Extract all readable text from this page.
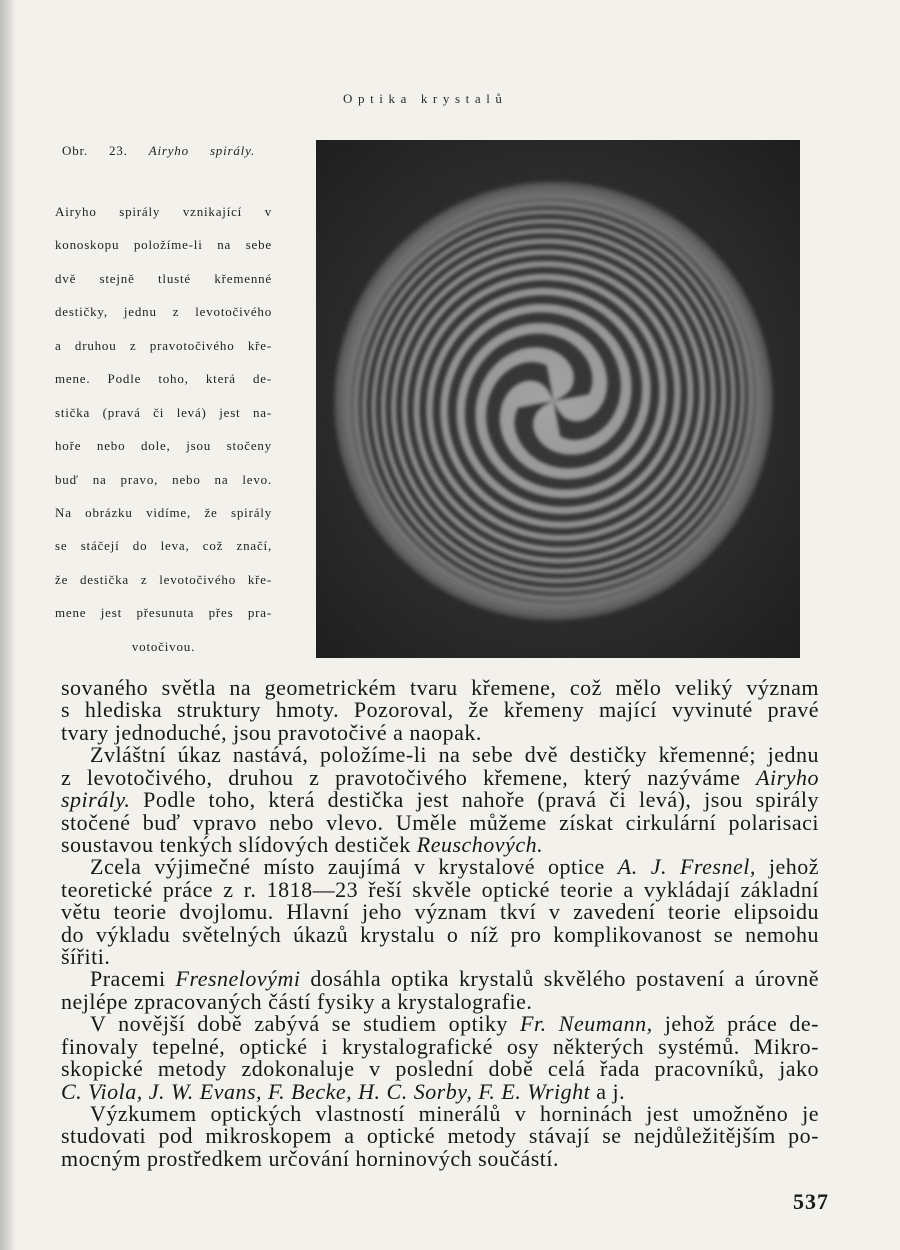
Optika krystalů
Obr. 23. Airyho spirály.
Airyho spirály vznikající v
konoskopu položíme-li na sebe
dvě stejně tlusté křemenné
destičky, jednu z levotočivého
a druhou z pravotočivého kře-
mene. Podle toho, která de-
stička (pravá či levá) jest na-
hoře nebo dole, jsou stočeny
buď na pravo, nebo na levo.
Na obrázku vidíme, že spirály
se stáčejí do leva, což značí,
že destička z levotočivého kře-
mene jest přesunuta přes pra-
votočivou.
sovaného světla na geometrickém tvaru křemene, což mělo veliký význam
s hlediska struktury hmoty. Pozoroval, že křemeny mající vyvinuté pravé
tvary jednoduché, jsou pravotočivé a naopak.
Zvláštní úkaz nastává, položíme-li na sebe dvě destičky křemenné; jednu
z levotočivého, druhou z pravotočivého křemene, který nazýváme Airyho
spirály. Podle toho, která destička jest nahoře (pravá či levá), jsou spirály
stočené buď vpravo nebo vlevo. Uměle můžeme získat cirkulární polarisaci
soustavou tenkých slídových destiček Reuschových.
Zcela výjimečné místo zaujímá v krystalové optice A. J. Fresnel, jehož
teoretické práce z r. 1818—23 řeší skvěle optické teorie a vykládají základní
větu teorie dvojlomu. Hlavní jeho význam tkví v zavedení teorie elipsoidu
do výkladu světelných úkazů krystalu o níž pro komplikovanost se nemohu
šířiti.
Pracemi Fresnelovými dosáhla optika krystalů skvělého postavení a úrovně
nejlépe zpracovaných částí fysiky a krystalografie.
V novější době zabývá se studiem optiky Fr. Neumann, jehož práce de-
finovaly tepelné, optické i krystalografické osy některých systémů. Mikro-
skopické metody zdokonaluje v poslední době celá řada pracovníků, jako
C. Viola, J. W. Evans, F. Becke, H. C. Sorby, F. E. Wright a j.
Výzkumem optických vlastností minerálů v horninách jest umožněno je
studovati pod mikroskopem a optické metody stávají se nejdůležitějším po-
mocným prostředkem určování horninových součástí.
537
